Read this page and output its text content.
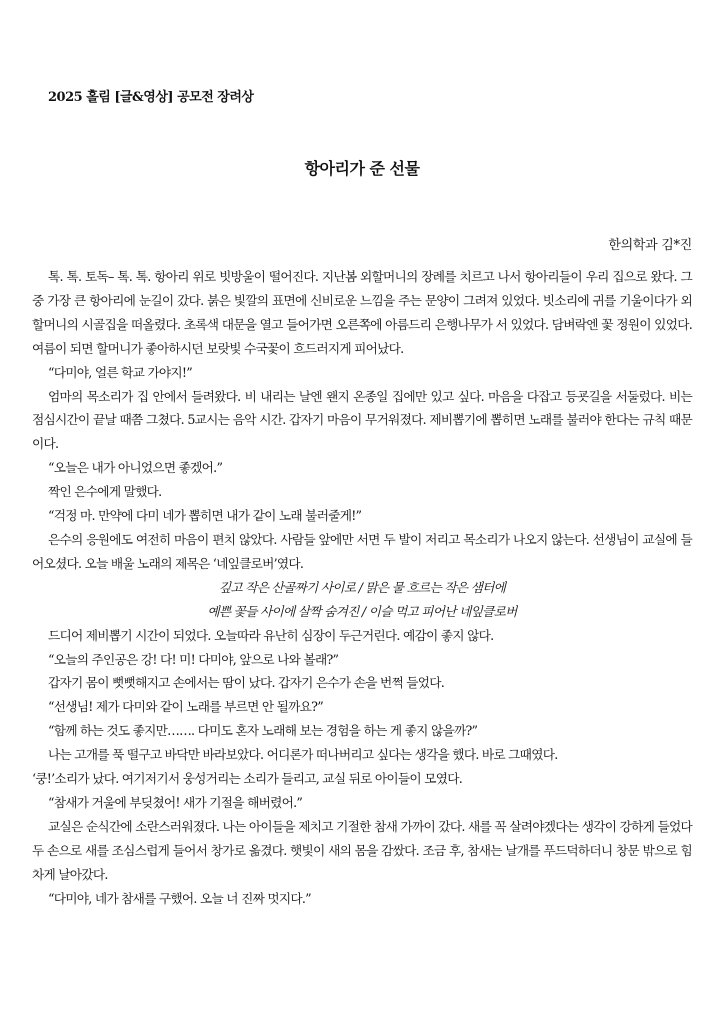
2025 홀림 [글&영상] 공모전 장려상
항아리가 준 선물
한의학과 김*진

톡. 톡. 토독– 톡. 톡. 항아리 위로 빗방울이 떨어진다. 지난봄 외할머니의 장례를 치르고 나서 항아리들이 우리 집으로 왔다. 그중 가장 큰 항아리에 눈길이 갔다. 붉은 빛깔의 표면에 신비로운 느낌을 주는 문양이 그려져 있었다. 빗소리에 귀를 기울이다가 외할머니의 시골집을 떠올렸다. 초록색 대문을 열고 들어가면 오른쪽에 아름드리 은행나무가 서 있었다. 담벼락엔 꽃 정원이 있었다. 여름이 되면 할머니가 좋아하시던 보랏빛 수국꽃이 흐드러지게 피어났다.

“다미야, 얼른 학교 가야지!”

엄마의 목소리가 집 안에서 들려왔다. 비 내리는 날엔 왠지 온종일 집에만 있고 싶다. 마음을 다잡고 등굣길을 서둘렀다. 비는 점심시간이 끝날 때쯤 그쳤다. 5교시는 음악 시간. 갑자기 마음이 무거워졌다. 제비뽑기에 뽑히면 노래를 불러야 한다는 규칙 때문이다.

“오늘은 내가 아니었으면 좋겠어.”

짝인 은수에게 말했다.

“걱정 마. 만약에 다미 네가 뽑히면 내가 같이 노래 불러줄게!”

은수의 응원에도 여전히 마음이 편치 않았다. 사람들 앞에만 서면 두 발이 저리고 목소리가 나오지 않는다. 선생님이 교실에 들어오셨다. 오늘 배울 노래의 제목은 ‘네잎클로버’였다.

깊고 작은 산골짜기 사이로 / 맑은 물 흐르는 작은 샘터에

예쁜 꽃들 사이에 살짝 숨겨진 / 이슬 먹고 피어난 네잎클로버

드디어 제비뽑기 시간이 되었다. 오늘따라 유난히 심장이 두근거린다. 예감이 좋지 않다.

“오늘의 주인공은 강! 다! 미! 다미야, 앞으로 나와 볼래?”

갑자기 몸이 뻣뻣해지고 손에서는 땀이 났다. 갑자기 은수가 손을 번쩍 들었다.

“선생님! 제가 다미와 같이 노래를 부르면 안 될까요?”

“함께 하는 것도 좋지만……. 다미도 혼자 노래해 보는 경험을 하는 게 좋지 않을까?”

나는 고개를 푹 떨구고 바닥만 바라보았다. 어디론가 떠나버리고 싶다는 생각을 했다. 바로 그때였다.

‘쿵!’소리가 났다. 여기저기서 웅성거리는 소리가 들리고, 교실 뒤로 아이들이 모였다.

“참새가 거울에 부딪쳤어! 새가 기절을 해버렸어.”

교실은 순식간에 소란스러워졌다. 나는 아이들을 제치고 기절한 참새 가까이 갔다. 새를 꼭 살려야겠다는 생각이 강하게 들었다 두 손으로 새를 조심스럽게 들어서 창가로 옮겼다. 햇빛이 새의 몸을 감쌌다. 조금 후, 참새는 날개를 푸드덕하더니 창문 밖으로 힘차게 날아갔다.

“다미야, 네가 참새를 구했어. 오늘 너 진짜 멋지다.”
